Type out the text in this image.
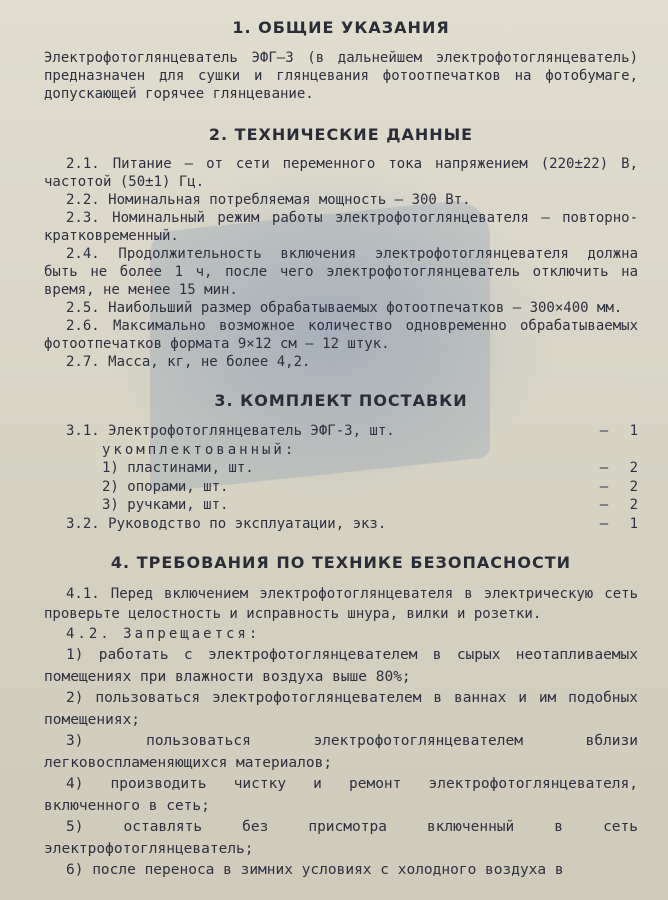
1. ОБЩИЕ УКАЗАНИЯ

Электрофотоглянцеватель ЭФГ—3 (в дальнейшем электрофотоглянцеватель) предназначен для сушки и глянцевания фотоотпечатков на фотобумаге, допускающей горячее глянцевание.

2. ТЕХНИЧЕСКИЕ ДАННЫЕ

2.1. Питание — от сети переменного тока напряжением (220±22) В, частотой (50±1) Гц.

2.2. Номинальная потребляемая мощность — 300 Вт.

2.3. Номинальный режим работы электрофотоглянцевателя — повторно-кратковременный.

2.4. Продолжительность включения электрофотоглянцевателя должна быть не более 1 ч, после чего электрофотоглянцеватель отключить на время, не менее 15 мин.

2.5. Наибольший размер обрабатываемых фотоотпечатков — 300×400 мм.

2.6. Максимально возможное количество одновременно обрабатываемых фотоотпечатков формата 9×12 см — 12 штук.

2.7. Масса, кг, не более 4,2.

3. КОМПЛЕКТ ПОСТАВКИ
3.1. Электрофотоглянцеватель ЭФГ-3, шт.	—	1
укомплектованный:
1) пластинами, шт.	—	2
2) опорами, шт.	—	2
3) ручками, шт.	—	2
3.2. Руководство по эксплуатации, экз.	—	1
4. ТРЕБОВАНИЯ ПО ТЕХНИКЕ БЕЗОПАСНОСТИ

4.1. Перед включением электрофотоглянцевателя в электрическую сеть проверьте целостность и исправность шнура, вилки и розетки.

4.2. Запрещается:

1) работать с электрофотоглянцевателем в сырых неотапливаемых помещениях при влажности воздуха выше 80%;

2) пользоваться электрофотоглянцевателем в ваннах и им подобных помещениях;

3) пользоваться электрофотоглянцевателем вблизи легковоспламеняющихся материалов;

4) производить чистку и ремонт электрофотоглянцевателя, включенного в сеть;

5) оставлять без присмотра включенный в сеть электрофотоглянцеватель;

6) после переноса в зимних условиях с холодного воздуха в
